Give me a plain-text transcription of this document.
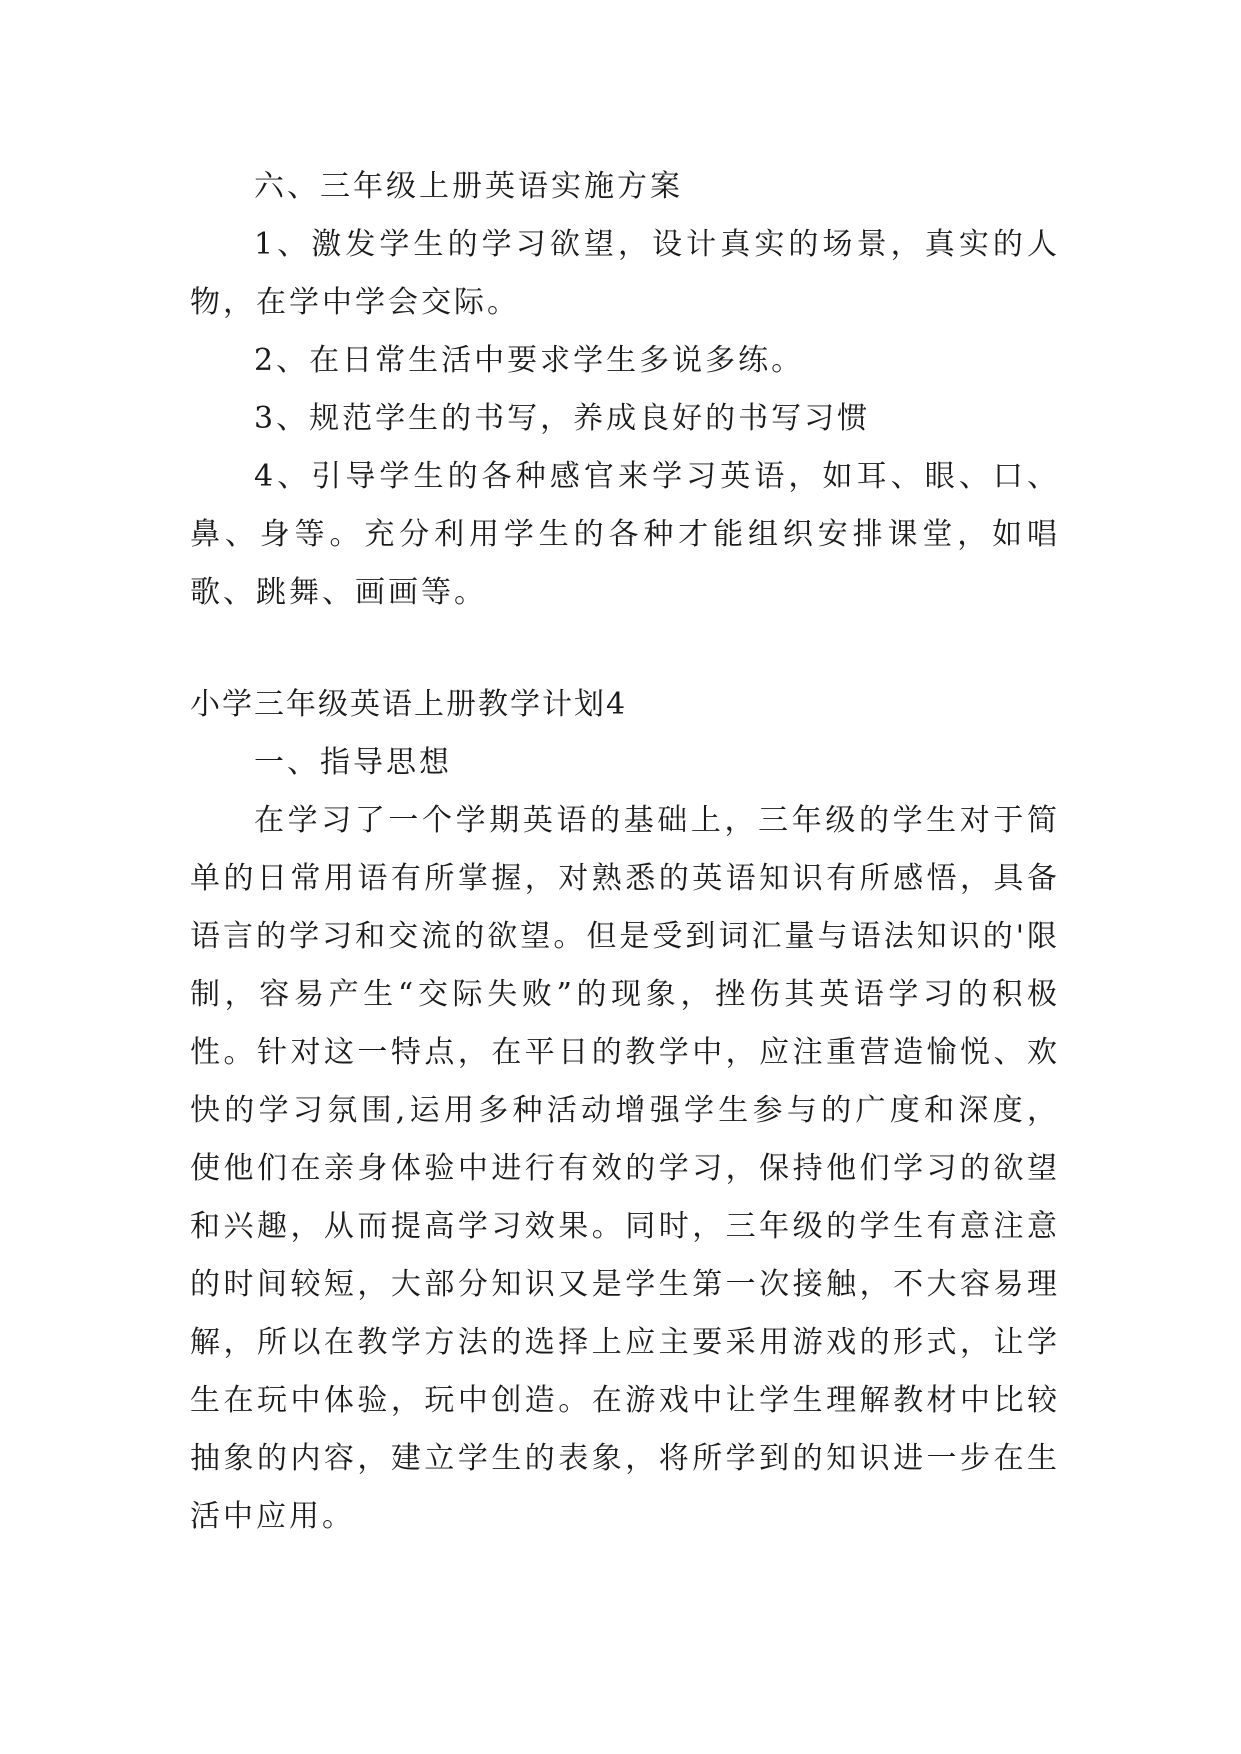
六、三年级上册英语实施方案

1、激发学生的学习欲望，设计真实的场景，真实的人物，在学中学会交际。

2、在日常生活中要求学生多说多练。

3、规范学生的书写，养成良好的书写习惯

4、引导学生的各种感官来学习英语，如耳、眼、口、鼻、身等。充分利用学生的各种才能组织安排课堂，如唱歌、跳舞、画画等。

小学三年级英语上册教学计划4

一、指导思想

在学习了一个学期英语的基础上，三年级的学生对于简单的日常用语有所掌握，对熟悉的英语知识有所感悟，具备语言的学习和交流的欲望。但是受到词汇量与语法知识的'限制，容易产生“交际失败”的现象，挫伤其英语学习的积极性。针对这一特点，在平日的教学中，应注重营造愉悦、欢快的学习氛围,运用多种活动增强学生参与的广度和深度，使他们在亲身体验中进行有效的学习，保持他们学习的欲望和兴趣，从而提高学习效果。同时，三年级的学生有意注意的时间较短，大部分知识又是学生第一次接触，不大容易理解，所以在教学方法的选择上应主要采用游戏的形式，让学生在玩中体验，玩中创造。在游戏中让学生理解教材中比较抽象的内容，建立学生的表象，将所学到的知识进一步在生活中应用。
